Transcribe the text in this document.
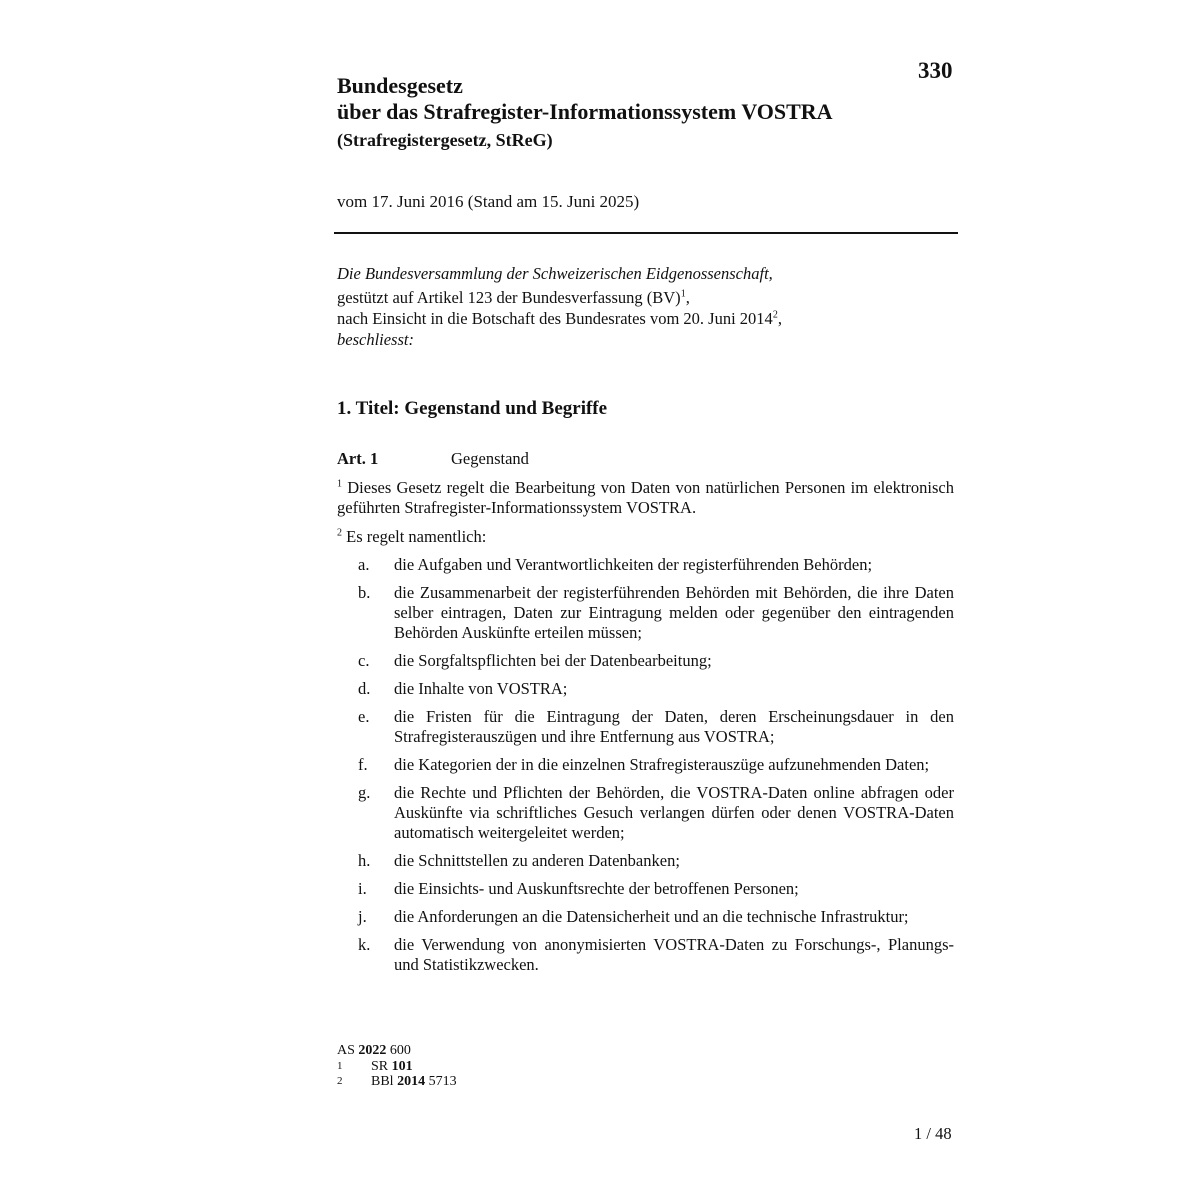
330
Bundesgesetz
über das Strafregister-Informationssystem VOSTRA
(Strafregistergesetz, StReG)
vom 17. Juni 2016 (Stand am 15. Juni 2025)
Die Bundesversammlung der Schweizerischen Eidgenossenschaft,
gestützt auf Artikel 123 der Bundesverfassung (BV)$^1$,
nach Einsicht in die Botschaft des Bundesrates vom 20. Juni 2014$^2$,
beschliesst:
1. Titel: Gegenstand und Begriffe
Art. 1	Gegenstand
$^1$ Dieses Gesetz regelt die Bearbeitung von Daten von natürlichen Personen im elektronisch geführten Strafregister-Informationssystem VOSTRA.
$^2$ Es regelt namentlich:
a.	die Aufgaben und Verantwortlichkeiten der registerführenden Behörden;
b.	die Zusammenarbeit der registerführenden Behörden mit Behörden, die ihre Daten selber eintragen, Daten zur Eintragung melden oder gegenüber den eintragenden Behörden Auskünfte erteilen müssen;
c.	die Sorgfaltspflichten bei der Datenbearbeitung;
d.	die Inhalte von VOSTRA;
e.	die Fristen für die Eintragung der Daten, deren Erscheinungsdauer in den Strafregisterauszügen und ihre Entfernung aus VOSTRA;
f.	die Kategorien der in die einzelnen Strafregisterauszüge aufzunehmenden Daten;
g.	die Rechte und Pflichten der Behörden, die VOSTRA-Daten online abfragen oder Auskünfte via schriftliches Gesuch verlangen dürfen oder denen VOSTRA-Daten automatisch weitergeleitet werden;
h.	die Schnittstellen zu anderen Datenbanken;
i.	die Einsichts- und Auskunftsrechte der betroffenen Personen;
j.	die Anforderungen an die Datensicherheit und an die technische Infrastruktur;
k.	die Verwendung von anonymisierten VOSTRA-Daten zu Forschungs-, Planungs- und Statistikzwecken.
AS 2022 600
1	SR 101
2	BBl 2014 5713
1 / 48
